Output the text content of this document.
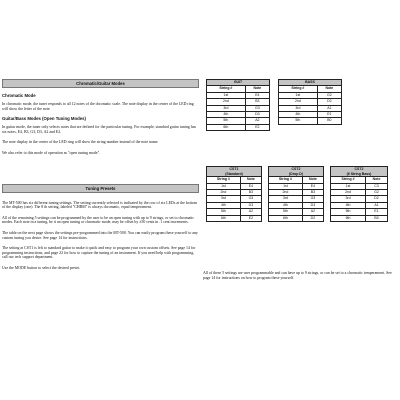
Chromatic/Guitar Modes

Chromatic Mode

In chromatic mode, the tuner responds to all 12 notes of the chromatic scale. The note display in the center of the LED ring will show the letter of the note.

Guitar/Bass Modes (Open Tuning Modes)

In guitar mode, the tuner only selects notes that are defined for the particular tuning. For example, standard guitar tuning has six notes, E4, B3, G3, D3, A2 and E2.

The note display in the center of the LED ring will show the string number instead of the note name.

We also refer to this mode of operation as "open tuning mode".

Tuning Presets

The MT-500 has six different tuning settings. The setting currently selected is indicated by the row of six LEDs at the bottom of the display (one). The 8 th setting, labeled "CHRM" is always chromatic, equal temperament.

All of the remaining 5 settings can be programmed by the user to be an open tuning with up to 9 strings, or set to chromatic modes. Each note in a tuning, be it an open tuning or chromatic mode, may be offset by ±50 cents in .1 cent increments.

The table on the next page shows the settings pre-programmed into the MT-500. You can easily program these yourself to any custom tuning you desire. See page 14 for instructions.

The setting at CST1 is left to standard guitar to make it quick and easy to program your own custom offsets. See page 14 for programming instructions, and page 22 for how to capture the tuning of an instrument. If you need help with programming, call our tech support department.

Use the MODE button to select the desired preset.

GUIT	
String #	Note
1st	E4
2nd	B3
3rd	G3
4th	D3
5th	A2
6th	E2
BASS	
String #	Note
1st	G2
2nd	D2
3rd	A1
4th	E1
5th	B0
CST1	
(Standard)	
String #	Note
1st	E4
2nd	B3
3rd	G3
4th	D3
5th	A2
6th	E2
CST2	
(Drop D)	
String #	Note
1st	E4
2nd	B3
3rd	G3
4th	D3
5th	A2
6th	D2
CST2	
(6 String Bass)	
String #	Note
1st	C3
2nd	G2
3rd	D2
4th	A1
5th	E1
6th	B0

All of these 5 settings are user programmable and can have up to 9 strings, or can be set to a chromatic temperament. See page 14 for instructions on how to program these yourself.
